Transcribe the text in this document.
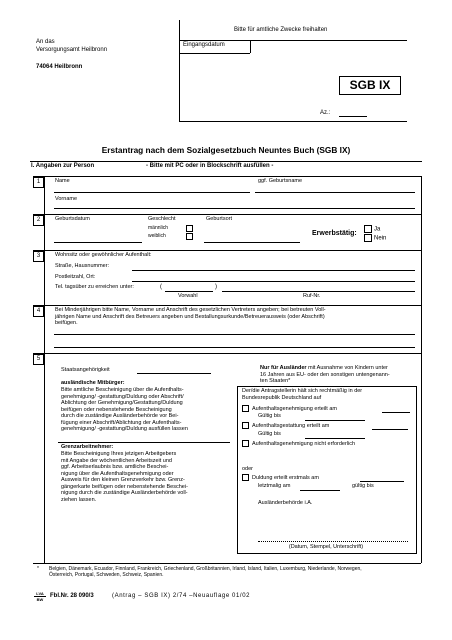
Bitte für amtliche Zwecke freihalten
An das
Versorgungsamt Heilbronn
74064 Heilbronn
Eingangsdatum
SGB IX
Az.:
Erstantrag nach dem Sozialgesetzbuch Neuntes Buch (SGB IX)
I. Angaben zur Person	- Bitte mit PC oder in Blockschrift ausfüllen -
1	Name	ggf. Geburtsname
Vorname
2	Geburtsdatum	Geschlecht
männlich
weiblich
Geburtsort
Erwerbstätig:
Ja
Nein
3	Wohnsitz oder gewöhnlicher Aufenthalt:
Straße, Hausnummer:
Postleitzahl, Ort:
Tel. tagsüber zu erreichen unter:	(	)
Vorwahl	Ruf-Nr.
4	Bei Minderjährigen bitte Name, Vorname und Anschrift des gesetzlichen Vertreters angeben; bei betreuten Voll-
jährigen Name und Anschrift des Betreuers angeben und Bestallungsurkunde/Betreuerausweis (oder Abschrift)
beifügen.
5
Staatsangehörigkeit
ausländische Mitbürger:
Bitte amtliche Bescheinigung über die Aufenthalts-
genehmigung/ -gestattung/Duldung oder Abschrift/
Ablichtung der Genehmigung/Gestattung/Duldung
beifügen oder nebenstehende Bescheinigung
durch die zuständige Ausländerbehörde vor Bei-
fügung einer Abschrift/Ablichtung der Aufenthalts-
genehmigung/ -gestattung/Duldung ausfüllen lassen
Grenzarbeitnehmer:
Bitte Bescheinigung Ihres jetzigen Arbeitgebers
mit Angabe der wöchentlichen Arbeitszeit und
ggf. Arbeitserlaubnis bzw. amtliche Beschei-
nigung über die Aufenthaltsgenehmigung oder
Ausweis für den kleinen Grenzverkehr bzw. Grenz-
gängerkarte beifügen oder nebenstehende Beschei-
nigung durch die zuständige Ausländerbehörde voll-
ziehen lassen.
Nur für Ausländer mit Ausnahme von Kindern unter
16 Jahren aus EU- oder den sonstigen untengenann-
ten Staaten*
Der/die Antragstellerin hält sich rechtmäßig in der
Bundesrepublik Deutschland auf
Aufenthaltsgenehmigung erteilt am
Gültig bis
Aufenthaltsgestattung erteilt am
Gültig bis
Aufenthaltsgenehmigung nicht erforderlich
oder
Duldung erteilt erstmals am
letztmalig am	gültig bis
Ausländerbehörde i.A.
(Datum, Stempel, Unterschrift)
* Belgien, Dänemark, Ecuador, Finnland, Frankreich, Griechenland, Großbritannien, Irland, Island, Italien, Luxemburg, Niederlande, Norwegen,
Österreich, Portugal, Schweden, Schweiz, Spanien.
LVA
BW
Fbl.Nr. 28 090/3	(Antrag – SGB IX) 2/74 –Neuauflage 01/02
